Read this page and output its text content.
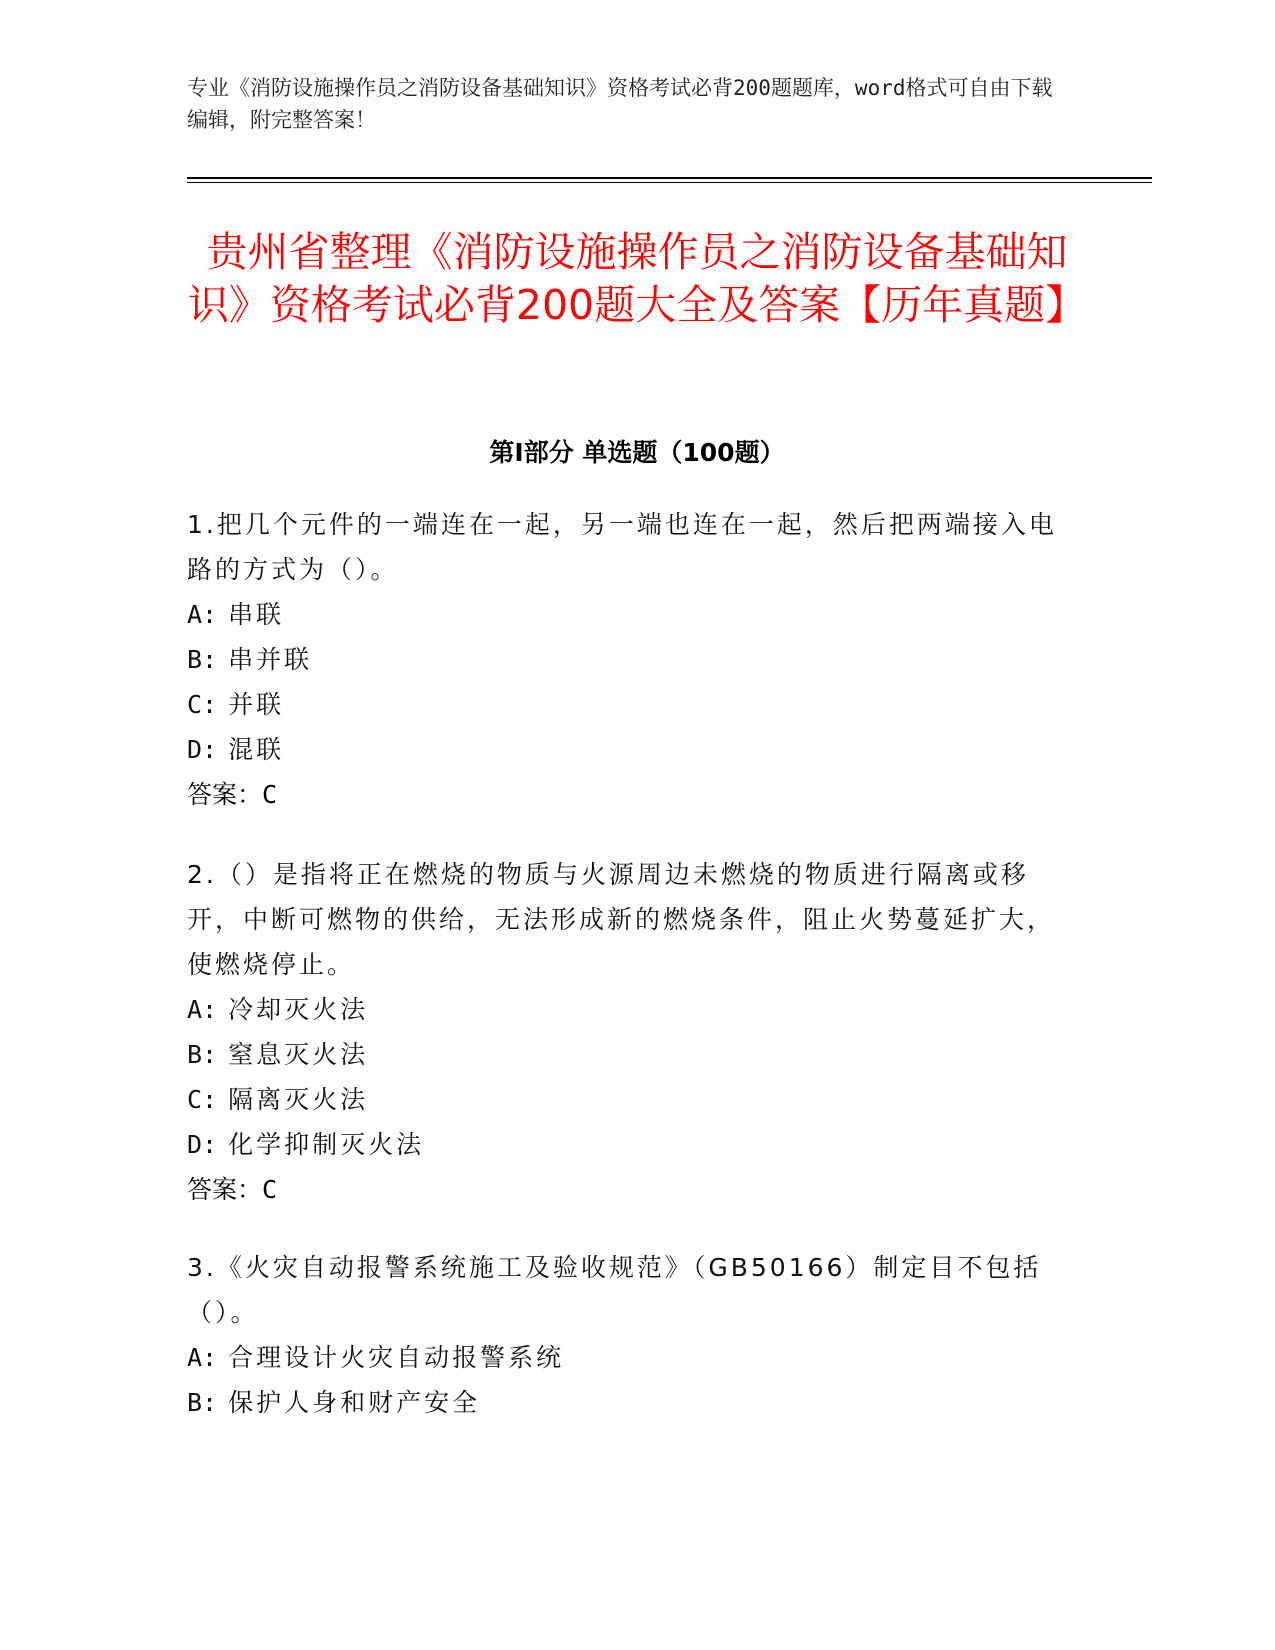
专业《消防设施操作员之消防设备基础知识》资格考试必背200题题库，word格式可自由下载编辑，附完整答案！
贵州省整理《消防设施操作员之消防设备基础知识》资格考试必背200题大全及答案【历年真题】
第Ⅰ部分 单选题（100题）

1.把几个元件的一端连在一起，另一端也连在一起，然后把两端接入电路的方式为（）。

A: 串联

B: 串并联

C: 并联

D: 混联

答案：C

2.（）是指将正在燃烧的物质与火源周边未燃烧的物质进行隔离或移开，中断可燃物的供给，无法形成新的燃烧条件，阻止火势蔓延扩大，使燃烧停止。

A: 冷却灭火法

B: 窒息灭火法

C: 隔离灭火法

D: 化学抑制灭火法

答案：C

3.《火灾自动报警系统施工及验收规范》（GB50166）制定目不包括（）。

A: 合理设计火灾自动报警系统

B: 保护人身和财产安全
